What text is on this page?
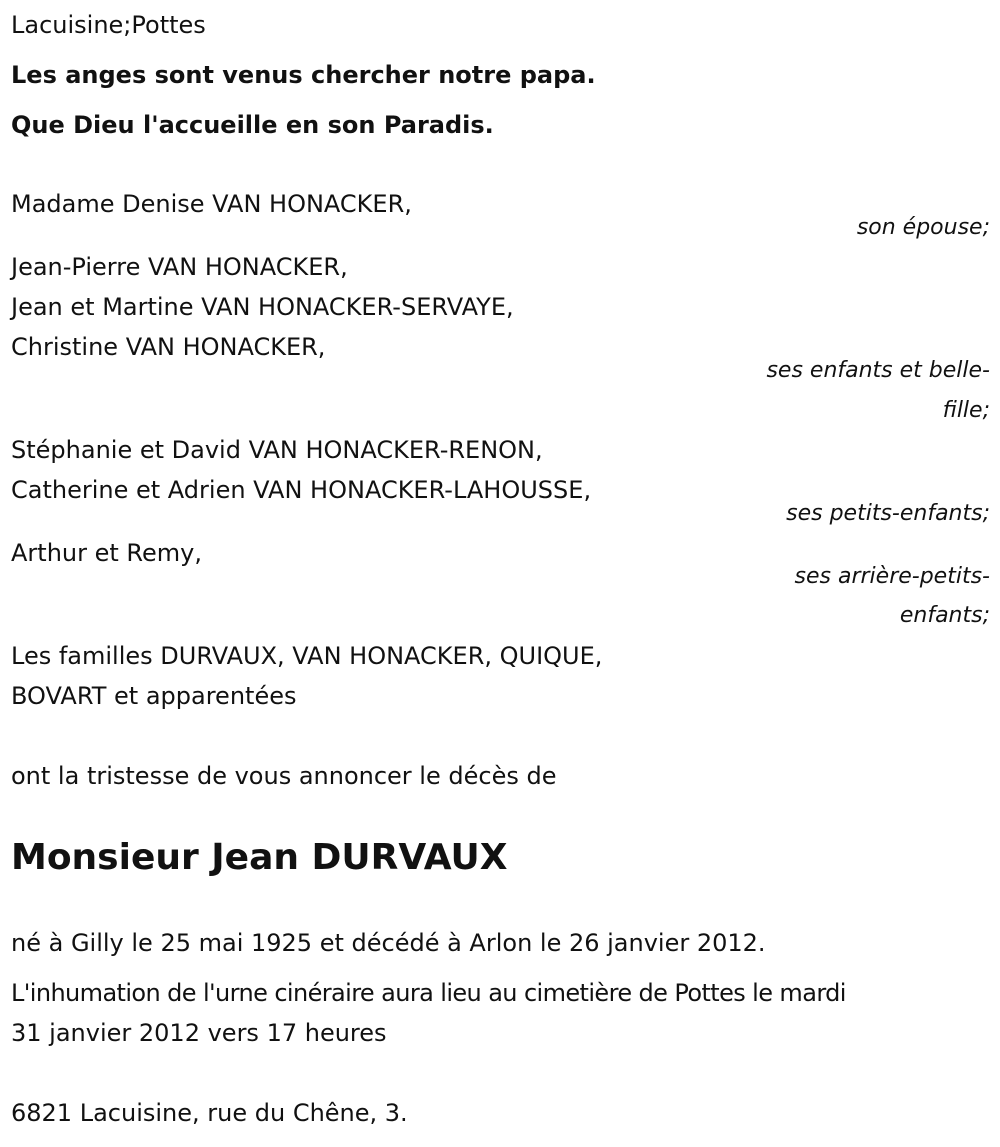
Lacuisine;Pottes
Les anges sont venus chercher notre papa.
Que Dieu l'accueille en son Paradis.
Madame Denise VAN HONACKER,
son épouse;
Jean-Pierre VAN HONACKER,
Jean et Martine VAN HONACKER-SERVAYE,
Christine VAN HONACKER,
ses enfants et belle-
fille;
Stéphanie et David VAN HONACKER-RENON,
Catherine et Adrien VAN HONACKER-LAHOUSSE,
ses petits-enfants;
Arthur et Remy,
ses arrière-petits-
enfants;
Les familles DURVAUX, VAN HONACKER, QUIQUE,
BOVART et apparentées
ont la tristesse de vous annoncer le décès de
Monsieur Jean DURVAUX
né à Gilly le 25 mai 1925 et décédé à Arlon le 26 janvier 2012.
L'inhumation de l'urne cinéraire aura lieu au cimetière de Pottes le mardi
31 janvier 2012 vers 17 heures
6821 Lacuisine, rue du Chêne, 3.
